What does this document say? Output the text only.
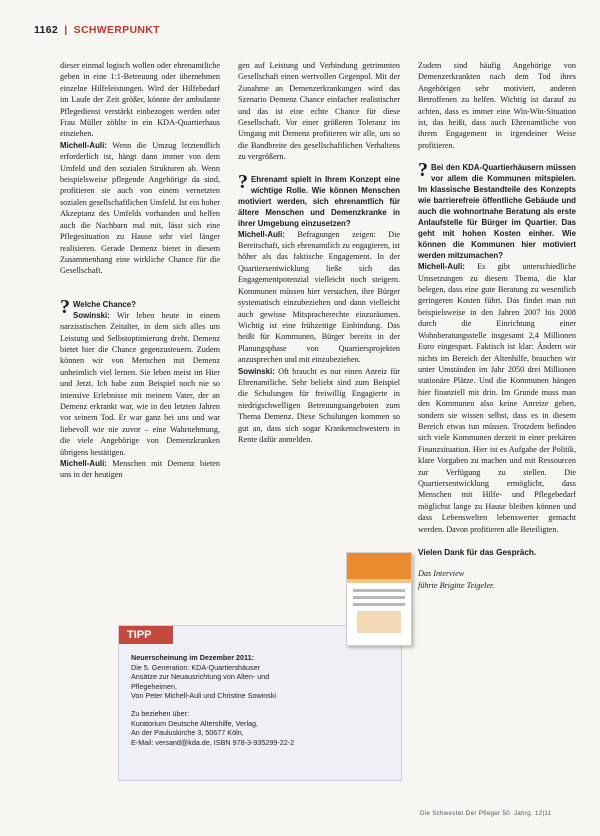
1162 | SCHWERPUNKT

dieser einmal logisch wollen oder ehrenamtliche geben in eine 1:1-Betreuung oder übernehmen einzelne Hilfeleistungen. Wird der Hilfebedarf im Laufe der Zeit größer, könnte der ambulante Pflegedienst verstärkt einbezogen werden oder Frau Müller zöhlte in ein KDA-Quartierhaus einziehen.

Michell-Auli: Wenn die Umzug letztendlich erforderlich ist, hängt dann immer von dem Umfeld und den sozialen Strukturen ab. Wenn beispielsweise pflegende Angehörige da sind, profitieren sie auch von einem vernetzten sozialen gesellschaftlichen Umfeld. Ist ein hoher Akzeptanz des Umfelds vorhanden und helfen auch die Nachbarn mal mit, lässt sich eine Pflegesituation zu Hause sehr viel länger realisieren. Gerade Demenz bietet in diesem Zusammenhang eine wirkliche Chance für die Gesellschaft.

? Welche Chance?

Sowinski: Wir leben heute in einem narzisstischen Zeitalter, in dem sich alles um Leistung und Selbstoptimierung dreht. Demenz bietet hier die Chance gegenzusteuern. Zudem können wir von Menschen mit Demenz unheimlich viel lernen. Sie leben meist im Hier und Jetzt. Ich habe zum Beispiel noch nie so intensive Erlebnisse mit meinem Vater, der an Demenz erkrankt war, wie in den letzten Jahren vor seinem Tod. Er war ganz bei uns und war liebevoll wie nie zuvor – eine Wahrnehmung, die viele Angehörige von Demenzkranken übrigens bestätigen.

Michell-Auli: Menschen mit Demenz bieten uns in der heutigen

gen auf Leistung und Verbindung getrimmten Gesellschaft einen wertvollen Gegenpol. Mit der Zunahme an Demenzerkrankungen wird das Szenario Demenz Chance einfacher realistischer und das ist eine echte Chance für diese Gesellschaft. Vor einer größeren Toleranz im Umgang mit Demenz profitieren wir alle, um so die Bandbreite des gesellschaftlichen Verhaltens zu vergrößern.

? Ehrenamt spielt in Ihrem Konzept eine wichtige Rolle. Wie können Menschen motiviert werden, sich ehrenamtlich für ältere Menschen und Demenzkranke in ihrer Umgebung einzusetzen?

Michell-Auli: Befragungen zeigen: Die Bereitschaft, sich ehrenamtlich zu engagieren, ist höher als das faktische Engagement. In der Quartiersentwicklung ließe sich das Engagementpotenzial vielleicht noch steigern. Kommunen müssen hier versuchen, ihre Bürger systematisch einzubeziehen und dann vielleicht auch gewisse Mitspracherechte einzuräumen. Wichtig ist eine frühzeitige Einbindung. Das heißt für Kommunen, Bürger bereits in der Planungsphase von Quartiersprojekten anzusprechen und mit einzubeziehen.

Sowinski: Oft braucht es nur einen Anreiz für Ehrenamtliche. Sehr beliebt sind zum Beispiel die Schulungen für freiwillig Engagierte in niedrigschwelligen Betreuungsangeboten zum Thema Demenz. Diese Schulungen kommen so gut an, dass sich sogar Krankenschwestern in Rente dafür anmelden.

Zudem sind häufig Angehörige von Demenzerkrankten nach dem Tod ihres Angehörigen sehr motiviert, anderen Betroffenen zu helfen. Wichtig ist darauf zu achten, dass es immer eine Win-Win-Situation ist, das heißt, dass auch Ehrenamtliche von ihrem Engagement in irgendeiner Weise profitieren.

? Bei den KDA-Quartierhäusern müssen vor allem die Kommunen mitspielen. Im klassische Bestandteile des Konzepts wie barrierefreie öffentliche Gebäude und auch die wohnortnahe Beratung als erste Anlaufstelle für Bürger im Quartier. Das geht mit hohen Kosten einher. Wie können die Kommunen hier motiviert werden mitzumachen?

Michell-Auli: Es gibt unterschiedliche Umsetzungen zu diesem Thema, die klar belegen, dass eine gute Beratung zu wesentlich geringeren Kosten führt. Das findet man mit beispielsweise in den Jahren 2007 bis 2008 durch die Einrichtung einer Wohnberatungsstelle insgesamt 2,4 Millionen Euro eingespart. Faktisch ist klar: Ändern wir nichts im Bereich der Altenhilfe, brauchen wir unter Umständen im Jahr 2050 drei Millionen stationäre Plätze. Und die Kommunen hängen hier finanziell mit drin. Im Grunde muss man den Kommunen also keine Anreize geben, sondern sie wissen selbst, dass es in diesem Bereich etwas tun müssen. Trotzdem befinden sich viele Kommunen derzeit in einer prekären Finanzsituation. Hier ist es Aufgabe der Politik, klare Vorgaben zu machen und mit Ressourcen zur Verfügung zu stellen. Die Quartiersentwicklung ermöglicht, dass Menschen mit Hilfe- und Pflegebedarf möglichst lange zu Hause bleiben können und dass Lebenswelten lebenswerter gemacht werden. Davon profitieren alle Beteiligten.

Vielen Dank für das Gespräch.

Das Interview

führte Brigitte Teigeler.

TIPP
Neuerscheinung im Dezember 2011:
Die 5. Generation: KDA-Quartiershäuser
Ansätze zur Neuausrichtung von Alten- und
Pflegeheimen.
Von Peter Michell-Auli und Christine Sowinski
Zu beziehen über:
Kuratorium Deutsche Altershilfe, Verlag,
An der Pauluskirche 3, 50677 Köln,
E-Mail: versand@kda.de, ISBN 978-3-935299-22-2
Die Schwester Der Pfleger 50. Jahrg. 12|11
